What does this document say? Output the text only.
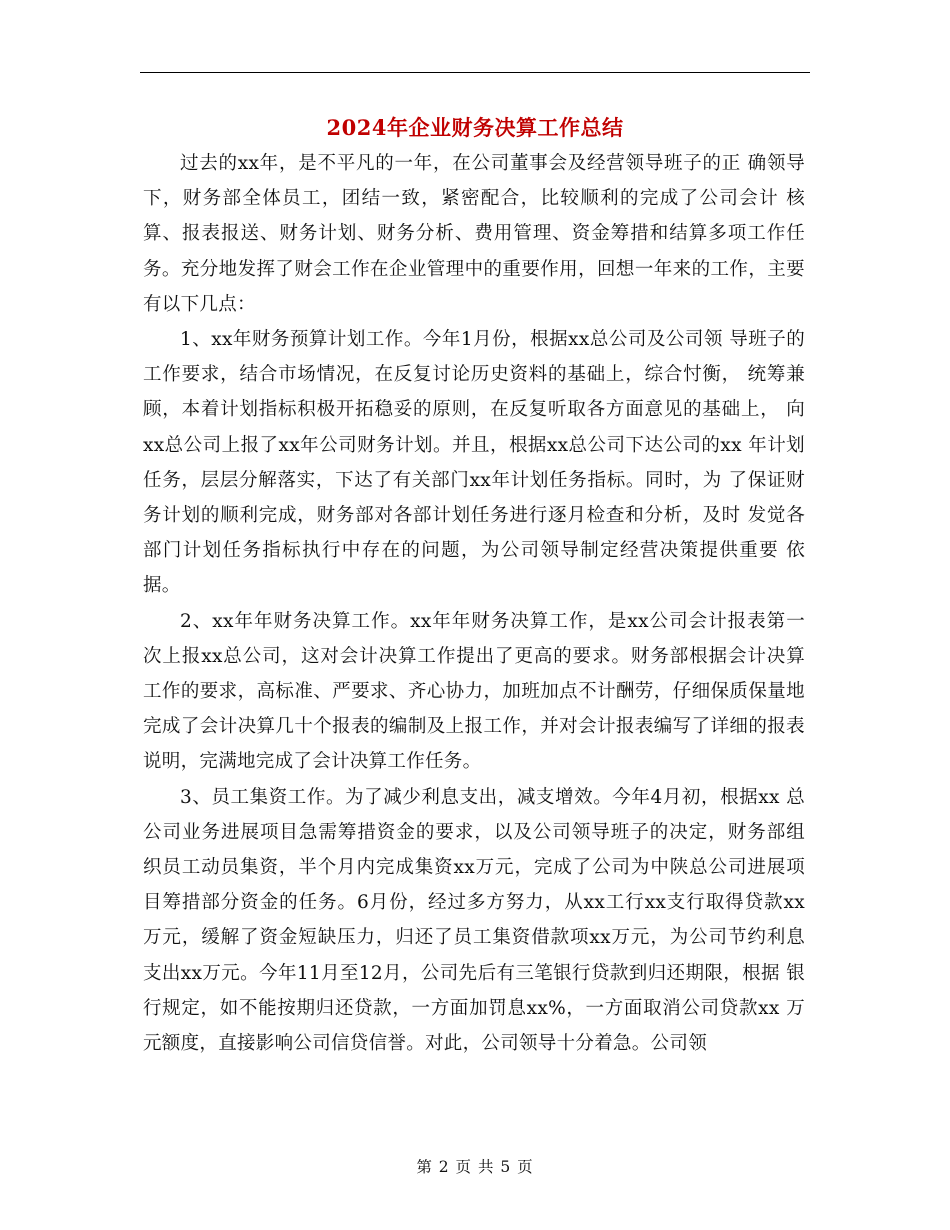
2024年企业财务决算工作总结

过去的xx年，是不平凡的一年，在公司董事会及经营领导班子的正 确领导下，财务部全体员工，团结一致，紧密配合，比较顺利的完成了公司会计 核算、报表报送、财务计划、财务分析、费用管理、资金筹措和结算多项工作任 务。充分地发挥了财会工作在企业管理中的重要作用，回想一年来的工作，主要 有以下几点：

1、xx年财务预算计划工作。今年1月份，根据xx总公司及公司领 导班子的工作要求，结合市场情况，在反复讨论历史资料的基础上，综合忖衡， 统筹兼顾，本着计划指标积极开拓稳妥的原则，在反复听取各方面意见的基础上， 向xx总公司上报了xx年公司财务计划。并且，根据xx总公司下达公司的xx 年计划任务，层层分解落实，下达了有关部门xx年计划任务指标。同时，为 了保证财务计划的顺利完成，财务部对各部计划任务进行逐月检查和分析，及时 发觉各部门计划任务指标执行中存在的问题，为公司领导制定经营决策提供重要 依据。

2、xx年年财务决算工作。xx年年财务决算工作，是xx公司会计报表第一 次上报xx总公司，这对会计决算工作提出了更高的要求。财务部根据会计决算 工作的要求，高标准、严要求、齐心协力，加班加点不计酬劳，仔细保质保量地 完成了会计决算几十个报表的编制及上报工作，并对会计报表编写了详细的报表 说明，完满地完成了会计决算工作任务。

3、员工集资工作。为了减少利息支出，减支增效。今年4月初，根据xx 总公司业务进展项目急需筹措资金的要求，以及公司领导班子的决定，财务部组 织员工动员集资，半个月内完成集资xx万元，完成了公司为中陕总公司进展项 目筹措部分资金的任务。6月份，经过多方努力，从xx工行xx支行取得贷款xx 万元，缓解了资金短缺压力，归还了员工集资借款项xx万元，为公司节约利息 支出xx万元。今年11月至12月，公司先后有三笔银行贷款到归还期限，根据 银行规定，如不能按期归还贷款，一方面加罚息xx%，一方面取消公司贷款xx 万元额度，直接影响公司信贷信誉。对此，公司领导十分着急。公司领

第 2 页 共 5 页
